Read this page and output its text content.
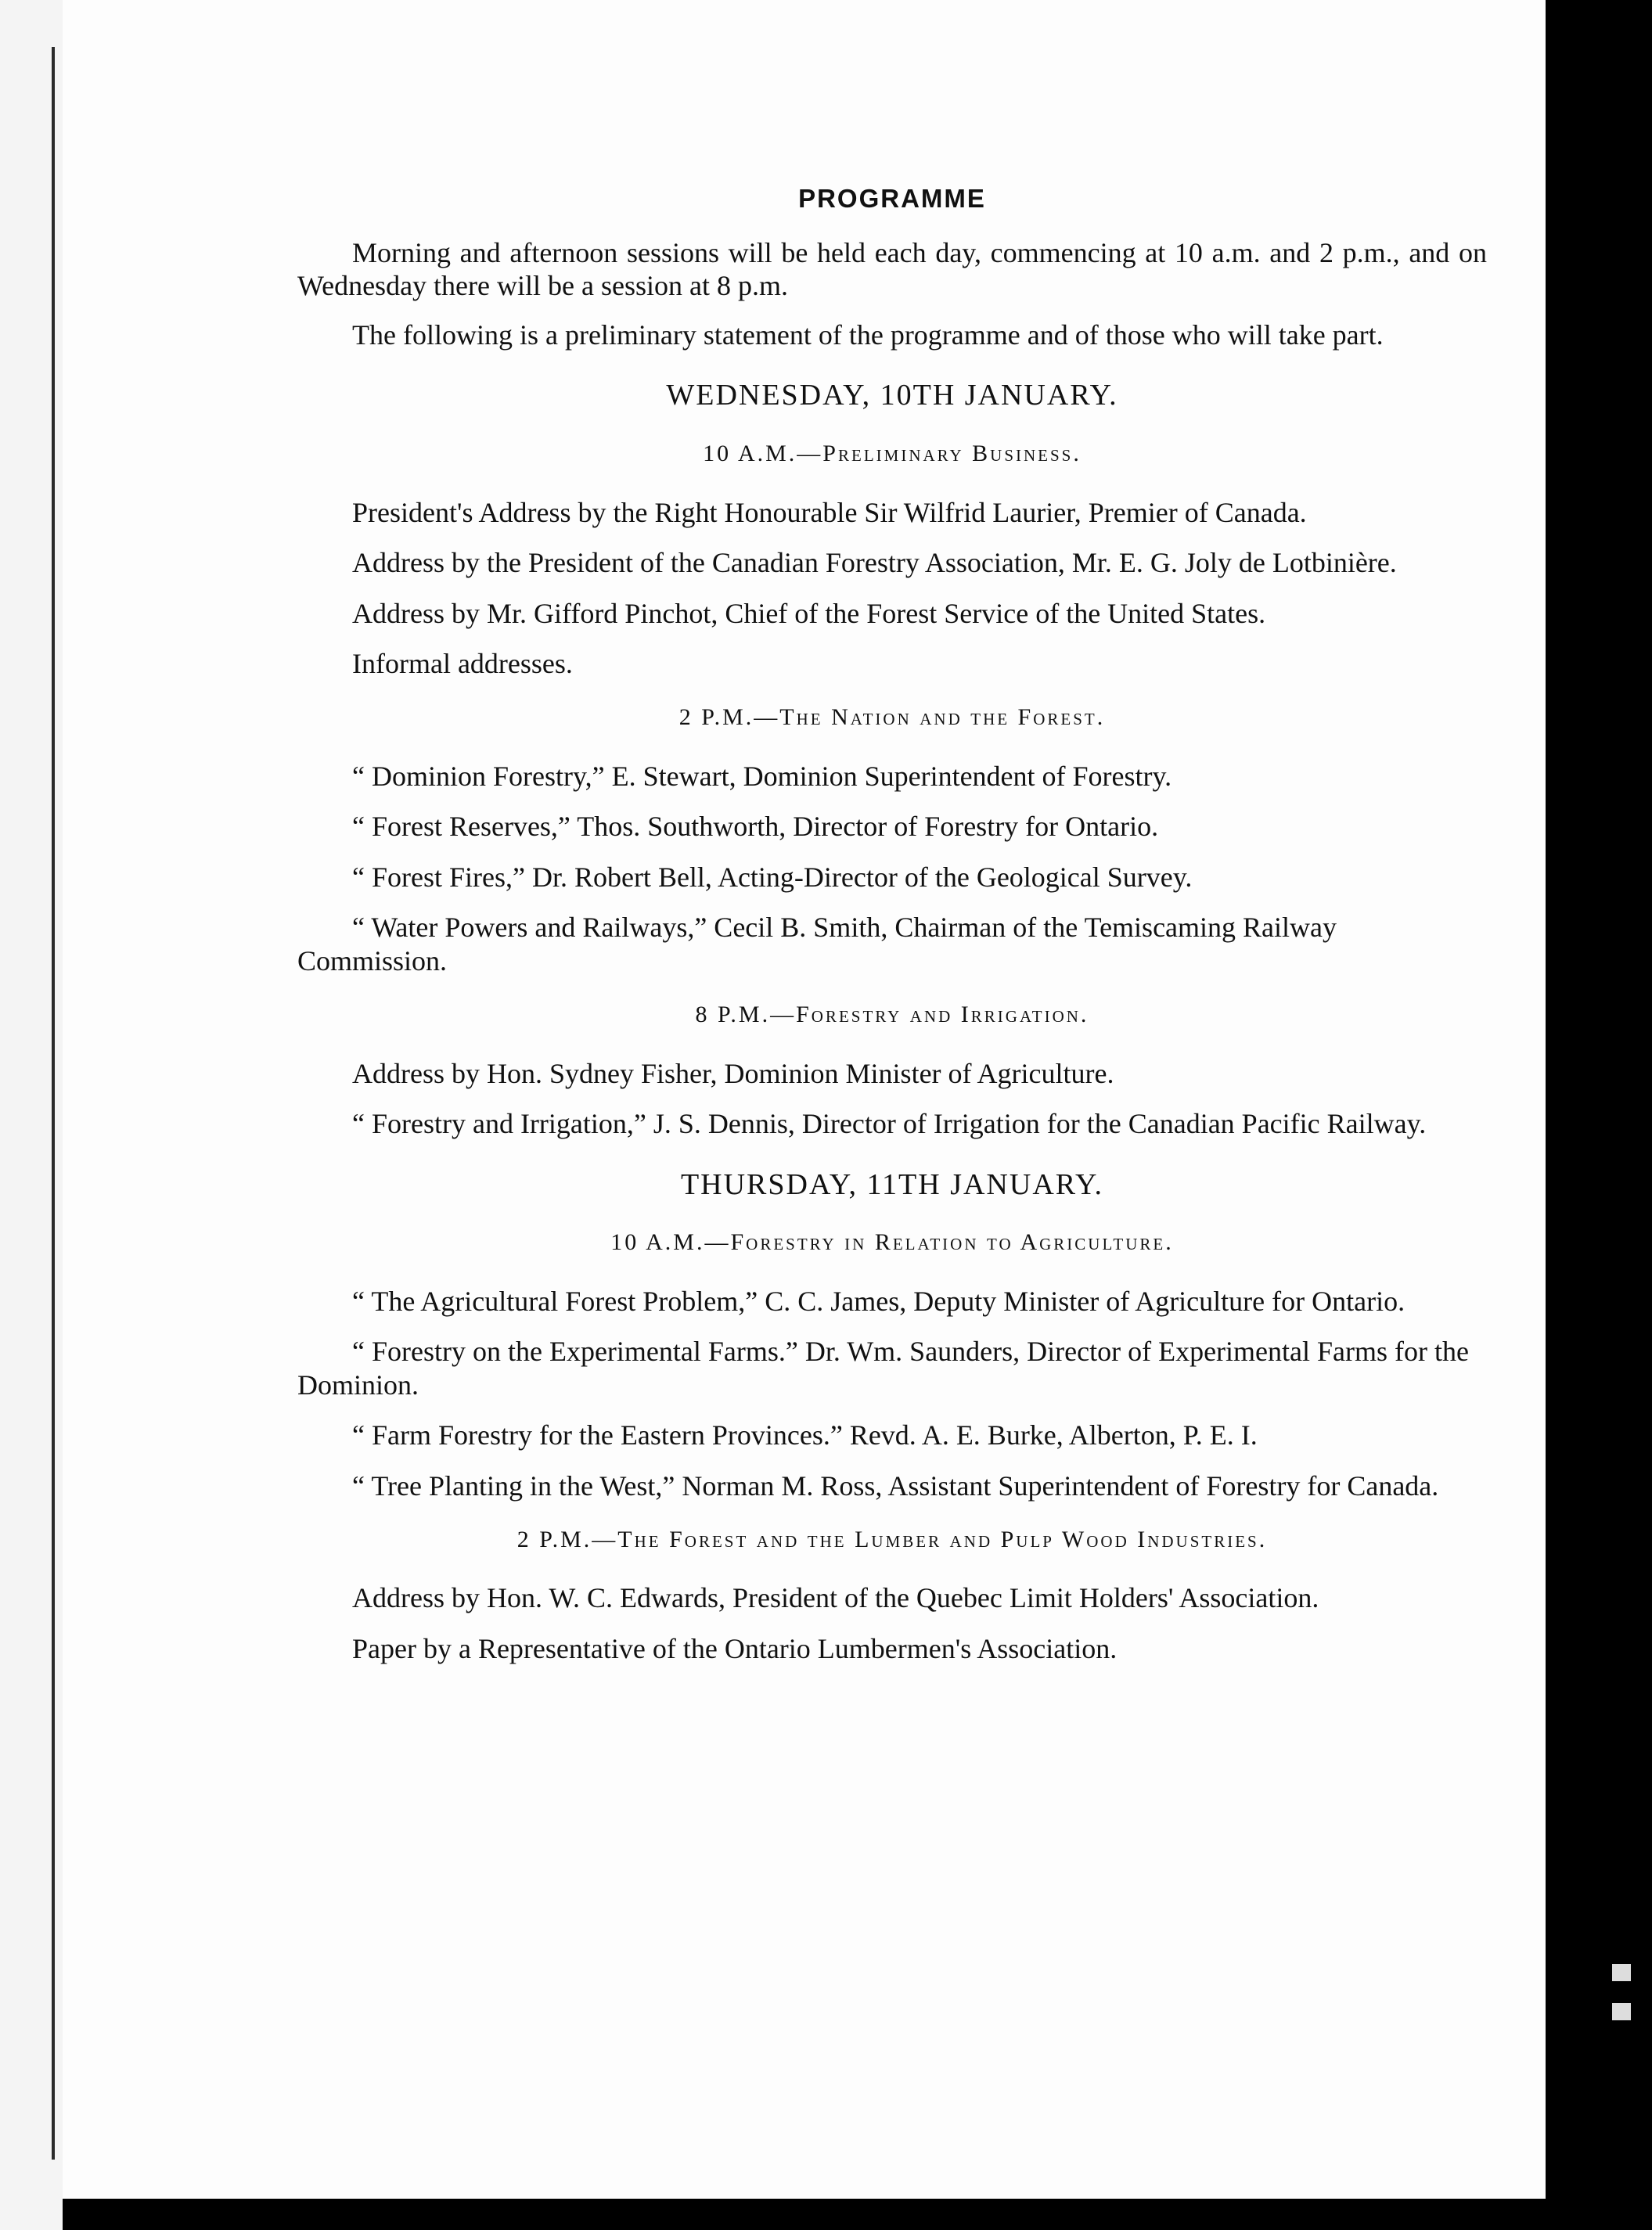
PROGRAMME

Morning and afternoon sessions will be held each day, commencing at 10 a.m. and 2 p.m., and on Wednesday there will be a session at 8 p.m.

The following is a preliminary statement of the programme and of those who will take part.

WEDNESDAY, 10TH JANUARY.
10 A.M.—Preliminary Business.

President's Address by the Right Honourable Sir Wilfrid Laurier, Premier of Canada.

Address by the President of the Canadian Forestry Association, Mr. E. G. Joly de Lotbinière.

Address by Mr. Gifford Pinchot, Chief of the Forest Service of the United States.

Informal addresses.

2 P.M.—The Nation and the Forest.

“ Dominion Forestry,” E. Stewart, Dominion Superintendent of Forestry.

“ Forest Reserves,” Thos. Southworth, Director of Forestry for Ontario.

“ Forest Fires,” Dr. Robert Bell, Acting-Director of the Geological Survey.

“ Water Powers and Railways,” Cecil B. Smith, Chairman of the Temiscaming Railway Commission.

8 P.M.—Forestry and Irrigation.

Address by Hon. Sydney Fisher, Dominion Minister of Agriculture.

“ Forestry and Irrigation,” J. S. Dennis, Director of Irrigation for the Canadian Pacific Railway.

THURSDAY, 11TH JANUARY.
10 A.M.—Forestry in Relation to Agriculture.

“ The Agricultural Forest Problem,” C. C. James, Deputy Minister of Agriculture for Ontario.

“ Forestry on the Experimental Farms.” Dr. Wm. Saunders, Director of Experimental Farms for the Dominion.

“ Farm Forestry for the Eastern Provinces.” Revd. A. E. Burke, Alberton, P. E. I.

“ Tree Planting in the West,” Norman M. Ross, Assistant Superintendent of Forestry for Canada.

2 P.M.—The Forest and the Lumber and Pulp Wood Industries.

Address by Hon. W. C. Edwards, President of the Quebec Limit Holders' Association.

Paper by a Representative of the Ontario Lumbermen's Association.
